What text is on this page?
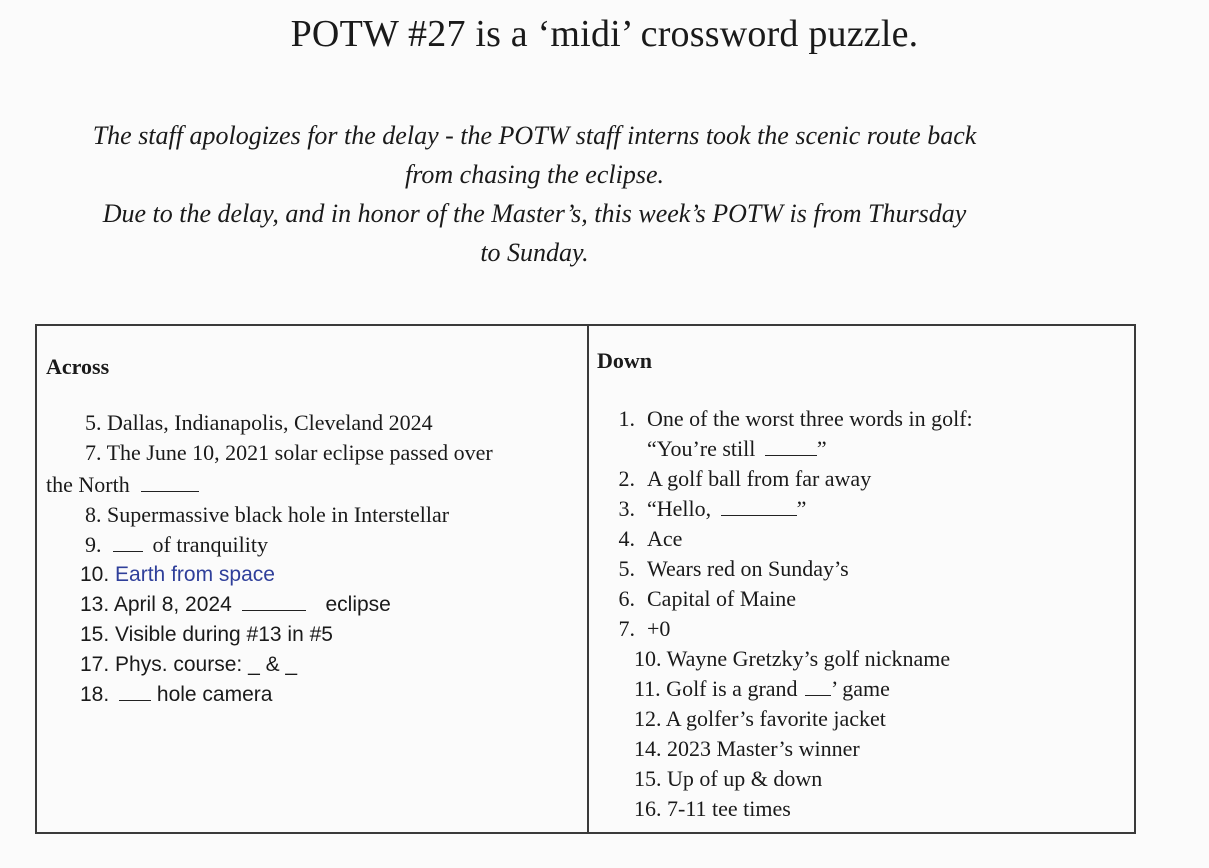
POTW #27 is a ‘midi’ crossword puzzle.
The staff apologizes for the delay - the POTW staff interns took the scenic route back
from chasing the eclipse.
Due to the delay, and in honor of the Master’s, this week’s POTW is from Thursday
to Sunday.
Across
5. Dallas, Indianapolis, Cleveland 2024
7. The June 10, 2021 solar eclipse passed over
the North
8. Supermassive black hole in Interstellar
9. of tranquility
10. Earth from space
13. April 8, 2024	eclipse
15. Visible during #13 in #5
17. Phys. course: _ & _
18. hole camera
Down
1. One of the worst three words in golf:
“You’re still	”
2. A golf ball from far away
3. “Hello,	”
4. Ace
5. Wears red on Sunday’s
6. Capital of Maine
7. +0
10. Wayne Gretzky’s golf nickname
11. Golf is a grand ’ game
12. A golfer’s favorite jacket
14. 2023 Master’s winner
15. Up of up & down
16. 7-11 tee times
